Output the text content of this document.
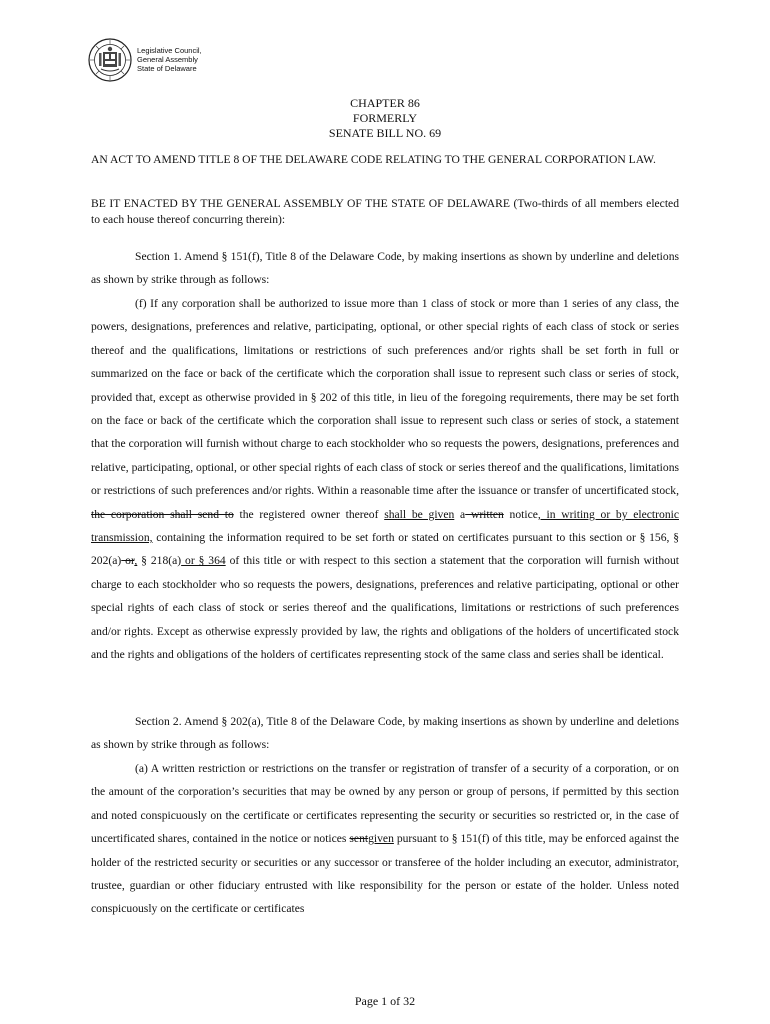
Legislative Council,
General Assembly
State of Delaware
CHAPTER 86
FORMERLY
SENATE BILL NO. 69

AN ACT TO AMEND TITLE 8 OF THE DELAWARE CODE RELATING TO THE GENERAL CORPORATION LAW.

BE IT ENACTED BY THE GENERAL ASSEMBLY OF THE STATE OF DELAWARE (Two-thirds of all members elected to each house thereof concurring therein):

Section 1. Amend § 151(f), Title 8 of the Delaware Code, by making insertions as shown by underline and deletions as shown by strike through as follows:

(f) If any corporation shall be authorized to issue more than 1 class of stock or more than 1 series of any class, the powers, designations, preferences and relative, participating, optional, or other special rights of each class of stock or series thereof and the qualifications, limitations or restrictions of such preferences and/or rights shall be set forth in full or summarized on the face or back of the certificate which the corporation shall issue to represent such class or series of stock, provided that, except as otherwise provided in § 202 of this title, in lieu of the foregoing requirements, there may be set forth on the face or back of the certificate which the corporation shall issue to represent such class or series of stock, a statement that the corporation will furnish without charge to each stockholder who so requests the powers, designations, preferences and relative, participating, optional, or other special rights of each class of stock or series thereof and the qualifications, limitations or restrictions of such preferences and/or rights. Within a reasonable time after the issuance or transfer of uncertificated stock, the corporation shall send to the registered owner thereof shall be given a written notice, in writing or by electronic transmission, containing the information required to be set forth or stated on certificates pursuant to this section or § 156, § 202(a) or, § 218(a) or § 364 of this title or with respect to this section a statement that the corporation will furnish without charge to each stockholder who so requests the powers, designations, preferences and relative participating, optional or other special rights of each class of stock or series thereof and the qualifications, limitations or restrictions of such preferences and/or rights. Except as otherwise expressly provided by law, the rights and obligations of the holders of uncertificated stock and the rights and obligations of the holders of certificates representing stock of the same class and series shall be identical.

Section 2. Amend § 202(a), Title 8 of the Delaware Code, by making insertions as shown by underline and deletions as shown by strike through as follows:

(a) A written restriction or restrictions on the transfer or registration of transfer of a security of a corporation, or on the amount of the corporation’s securities that may be owned by any person or group of persons, if permitted by this section and noted conspicuously on the certificate or certificates representing the security or securities so restricted or, in the case of uncertificated shares, contained in the notice or notices sentgiven pursuant to § 151(f) of this title, may be enforced against the holder of the restricted security or securities or any successor or transferee of the holder including an executor, administrator, trustee, guardian or other fiduciary entrusted with like responsibility for the person or estate of the holder. Unless noted conspicuously on the certificate or certificates

Page 1 of 32
